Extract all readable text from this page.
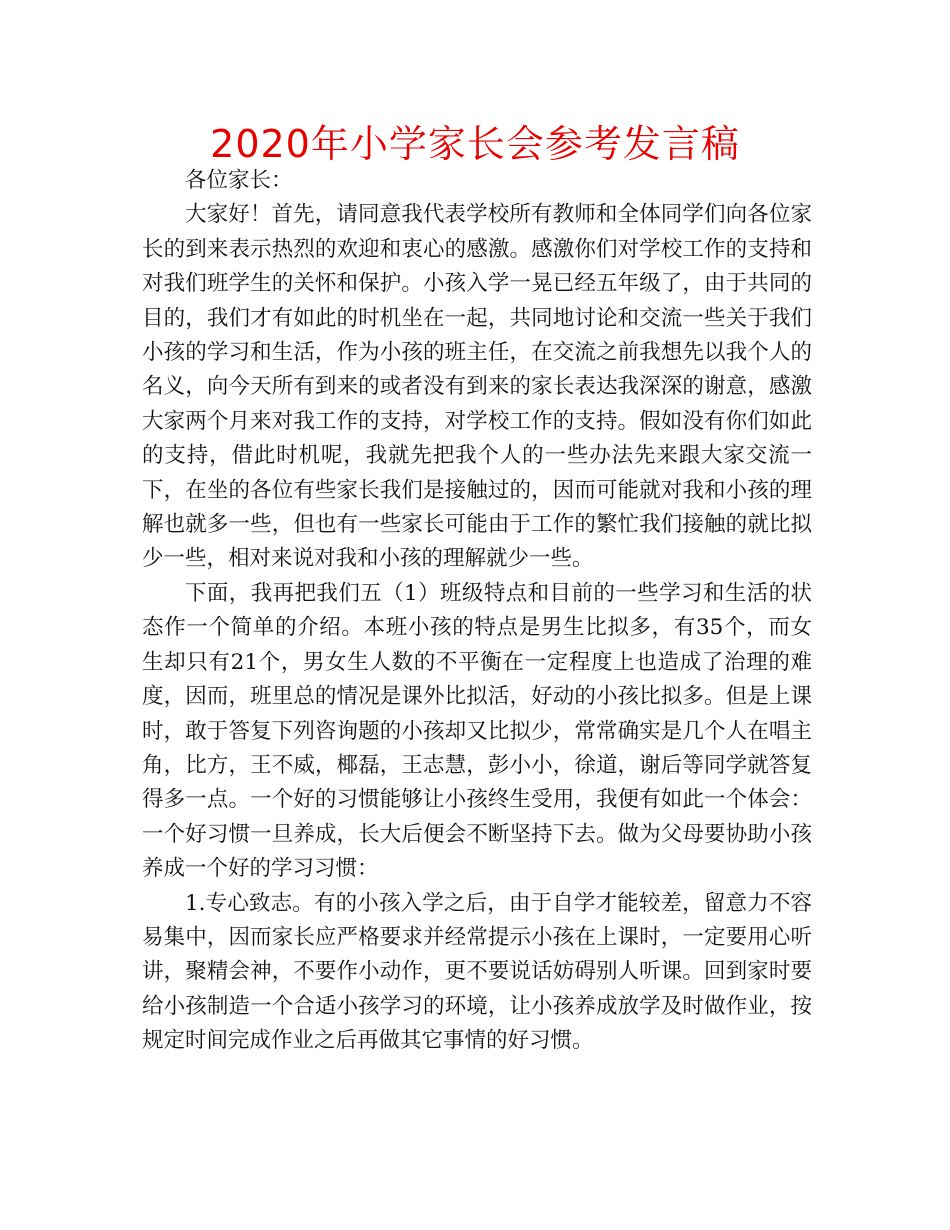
2020年小学家长会参考发言稿

各位家长：

大家好！首先，请同意我代表学校所有教师和全体同学们向各位家长的到来表示热烈的欢迎和衷心的感激。感激你们对学校工作的支持和对我们班学生的关怀和保护。小孩入学一晃已经五年级了，由于共同的目的，我们才有如此的时机坐在一起，共同地讨论和交流一些关于我们小孩的学习和生活，作为小孩的班主任，在交流之前我想先以我个人的名义，向今天所有到来的或者没有到来的家长表达我深深的谢意，感激大家两个月来对我工作的支持，对学校工作的支持。假如没有你们如此的支持，借此时机呢，我就先把我个人的一些办法先来跟大家交流一下，在坐的各位有些家长我们是接触过的，因而可能就对我和小孩的理解也就多一些，但也有一些家长可能由于工作的繁忙我们接触的就比拟少一些，相对来说对我和小孩的理解就少一些。

下面，我再把我们五（1）班级特点和目前的一些学习和生活的状态作一个简单的介绍。本班小孩的特点是男生比拟多，有35个，而女生却只有21个，男女生人数的不平衡在一定程度上也造成了治理的难度，因而，班里总的情况是课外比拟活，好动的小孩比拟多。但是上课时，敢于答复下列咨询题的小孩却又比拟少，常常确实是几个人在唱主角，比方，王不威，椰磊，王志慧，彭小小，徐道，谢后等同学就答复得多一点。一个好的习惯能够让小孩终生受用，我便有如此一个体会：一个好习惯一旦养成，长大后便会不断坚持下去。做为父母要协助小孩养成一个好的学习习惯：

1.专心致志。有的小孩入学之后，由于自学才能较差，留意力不容易集中，因而家长应严格要求并经常提示小孩在上课时，一定要用心听讲，聚精会神，不要作小动作，更不要说话妨碍别人听课。回到家时要给小孩制造一个合适小孩学习的环境，让小孩养成放学及时做作业，按规定时间完成作业之后再做其它事情的好习惯。
